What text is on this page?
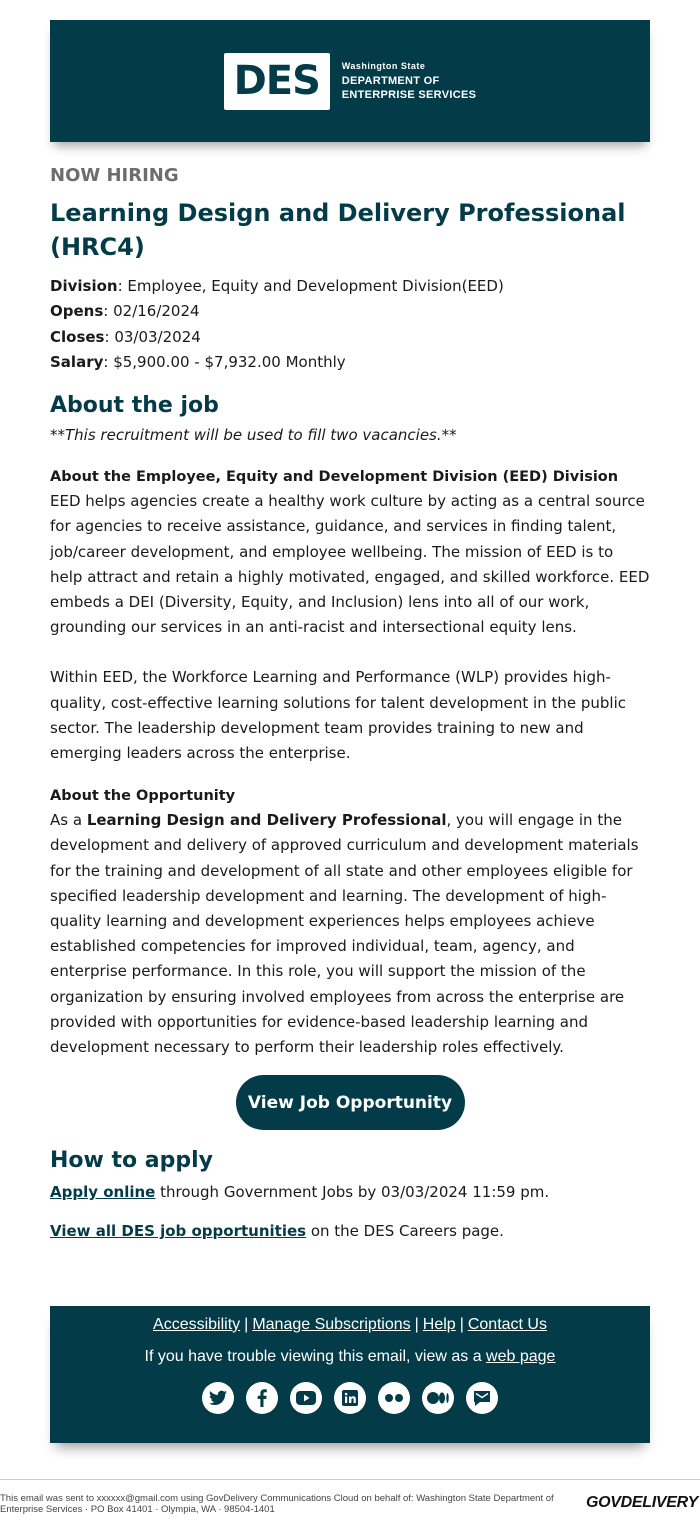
DES	Washington State
DEPARTMENT OF
ENTERPRISE SERVICES
NOW HIRING
Learning Design and Delivery Professional (HRC4)
Division: Employee, Equity and Development Division(EED)
Opens: 02/16/2024
Closes: 03/03/2024
Salary: $5,900.00 - $7,932.00 Monthly
About the job
**This recruitment will be used to fill two vacancies.**
About the Employee, Equity and Development Division (EED) Division
EED helps agencies create a healthy work culture by acting as a central source for agencies to receive assistance, guidance, and services in finding talent, job/career development, and employee wellbeing. The mission of EED is to help attract and retain a highly motivated, engaged, and skilled workforce. EED embeds a DEI (Diversity, Equity, and Inclusion) lens into all of our work, grounding our services in an anti-racist and intersectional equity lens.
Within EED, the Workforce Learning and Performance (WLP) provides high-quality, cost-effective learning solutions for talent development in the public sector. The leadership development team provides training to new and emerging leaders across the enterprise.
About the Opportunity
As a Learning Design and Delivery Professional, you will engage in the development and delivery of approved curriculum and development materials for the training and development of all state and other employees eligible for specified leadership development and learning. The development of high-quality learning and development experiences helps employees achieve established competencies for improved individual, team, agency, and enterprise performance. In this role, you will support the mission of the organization by ensuring involved employees from across the enterprise are provided with opportunities for evidence-based leadership learning and development necessary to perform their leadership roles effectively.
View Job Opportunity
How to apply
Apply online through Government Jobs by 03/03/2024 11:59 pm.
View all DES job opportunities on the DES Careers page.
Accessibility | Manage Subscriptions | Help | Contact Us
If you have trouble viewing this email, view as a web page
This email was sent to xxxxxx@gmail.com using GovDelivery Communications Cloud on behalf of: Washington State Department of Enterprise Services · PO Box 41401 · Olympia, WA · 98504-1401	GOVDELIVERY
